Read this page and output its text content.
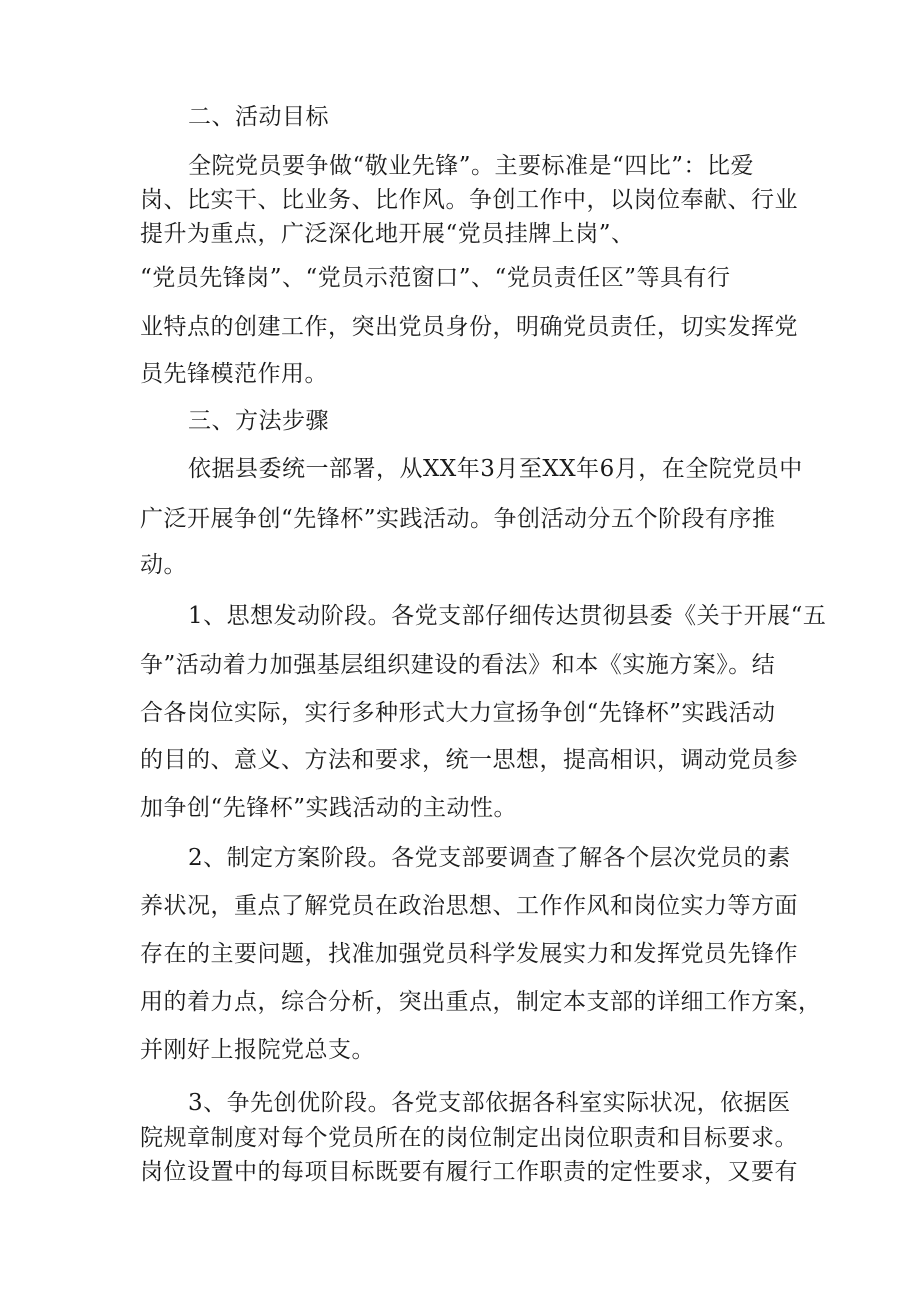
二、活动目标
全院党员要争做“敬业先锋”。主要标准是“四比”：比爱
岗、比实干、比业务、比作风。争创工作中，以岗位奉献、行业
提升为重点，广泛深化地开展“党员挂牌上岗”、
“党员先锋岗”、“党员示范窗口”、“党员责任区”等具有行
业特点的创建工作，突出党员身份，明确党员责任，切实发挥党
员先锋模范作用。
三、方法步骤
依据县委统一部署，从XX年3月至XX年6月，在全院党员中
广泛开展争创“先锋杯”实践活动。争创活动分五个阶段有序推
动。
1、思想发动阶段。各党支部仔细传达贯彻县委《关于开展“五
争”活动着力加强基层组织建设的看法》和本《实施方案》。结
合各岗位实际，实行多种形式大力宣扬争创“先锋杯”实践活动
的目的、意义、方法和要求，统一思想，提高相识，调动党员参
加争创“先锋杯”实践活动的主动性。
2、制定方案阶段。各党支部要调查了解各个层次党员的素
养状况，重点了解党员在政治思想、工作作风和岗位实力等方面
存在的主要问题，找准加强党员科学发展实力和发挥党员先锋作
用的着力点，综合分析，突出重点，制定本支部的详细工作方案，
并刚好上报院党总支。
3、争先创优阶段。各党支部依据各科室实际状况，依据医
院规章制度对每个党员所在的岗位制定出岗位职责和目标要求。
岗位设置中的每项目标既要有履行工作职责的定性要求，又要有
